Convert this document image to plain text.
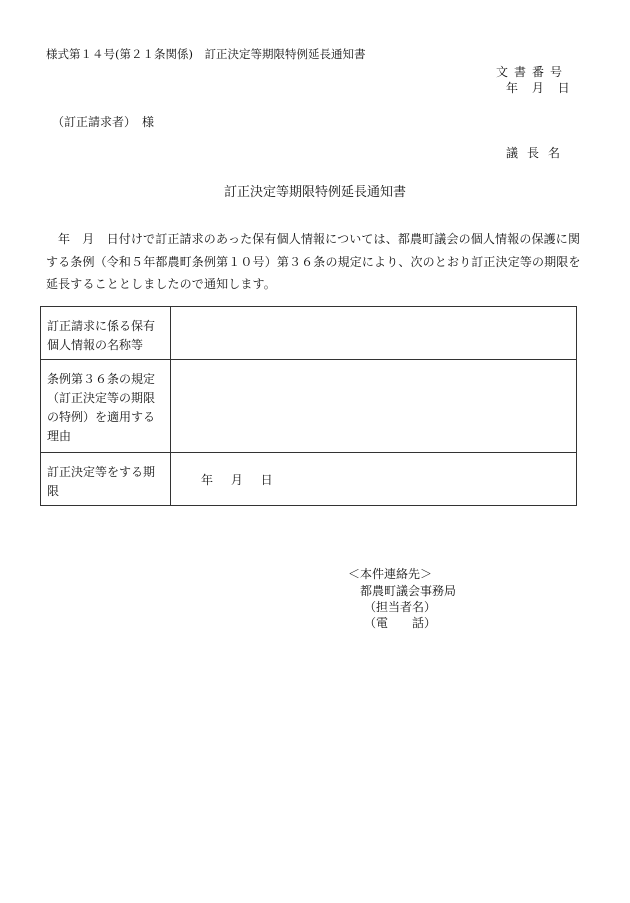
様式第１４号(第２１条関係)　訂正決定等期限特例延長通知書
文書番号
年 月 日
（訂正請求者）　様
議長名
訂正決定等期限特例延長通知書

年　月　日付けで訂正請求のあった保有個人情報については、都農町議会の個人情報の保護に関する条例（令和５年都農町条例第１０号）第３６条の規定により、次のとおり訂正決定等の期限を延長することとしましたので通知します。

訂正請求に係る保有個人情報の名称等	
条例第３６条の規定（訂正決定等の期限の特例）を適用する理由	
訂正決定等をする期限	年 月 日
＜本件連絡先＞
都農町議会事務局
（担当者名）
（電　　話）
